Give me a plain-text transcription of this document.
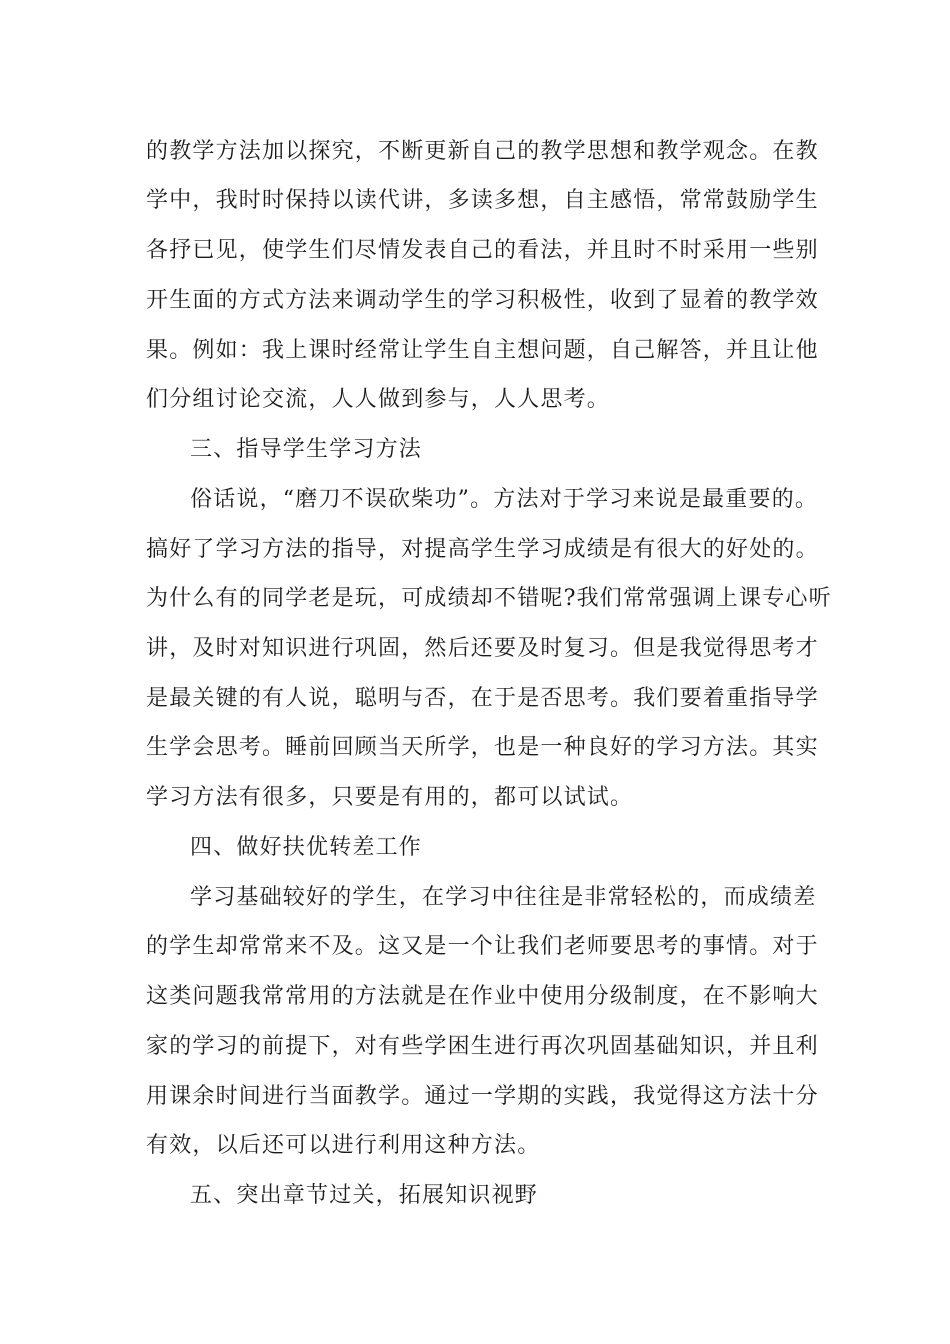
的教学方法加以探究，不断更新自己的教学思想和教学观念。在教
学中，我时时保持以读代讲，多读多想，自主感悟，常常鼓励学生
各抒已见，使学生们尽情发表自己的看法，并且时不时采用一些别
开生面的方式方法来调动学生的学习积极性，收到了显着的教学效
果。例如：我上课时经常让学生自主想问题，自己解答，并且让他
们分组讨论交流，人人做到参与，人人思考。
三、指导学生学习方法
俗话说，“磨刀不误砍柴功”。方法对于学习来说是最重要的。
搞好了学习方法的指导，对提高学生学习成绩是有很大的好处的。
为什么有的同学老是玩，可成绩却不错呢?我们常常强调上课专心听
讲，及时对知识进行巩固，然后还要及时复习。但是我觉得思考才
是最关键的有人说，聪明与否，在于是否思考。我们要着重指导学
生学会思考。睡前回顾当天所学，也是一种良好的学习方法。其实
学习方法有很多，只要是有用的，都可以试试。
四、做好扶优转差工作
学习基础较好的学生，在学习中往往是非常轻松的，而成绩差
的学生却常常来不及。这又是一个让我们老师要思考的事情。对于
这类问题我常常用的方法就是在作业中使用分级制度，在不影响大
家的学习的前提下，对有些学困生进行再次巩固基础知识，并且利
用课余时间进行当面教学。通过一学期的实践，我觉得这方法十分
有效，以后还可以进行利用这种方法。
五、突出章节过关，拓展知识视野
